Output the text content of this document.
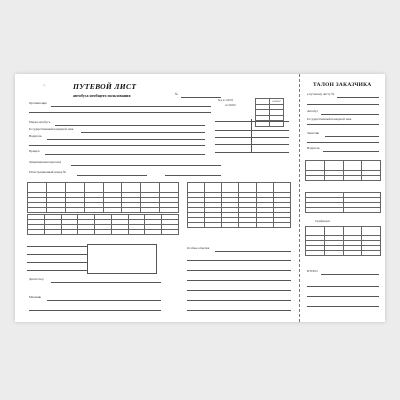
▭	ПУТЕВОЙ ЛИСТ
автобуса необщего пользования	№
	0345007

Код по ОКУД
по ОКПО
Организация
Марка автобуса
Государственный номерной знак
Водитель
Прицеп
Лицензионная карточка
Регистрационный номер №

Диспетчер
Механик
Особые отметки
ТАЛОН ЗАКАЗЧИКА
к путевому листу №
Автобус
Государственный номерной знак
Заказчик
Водитель

Тарификация

ИТОГО
